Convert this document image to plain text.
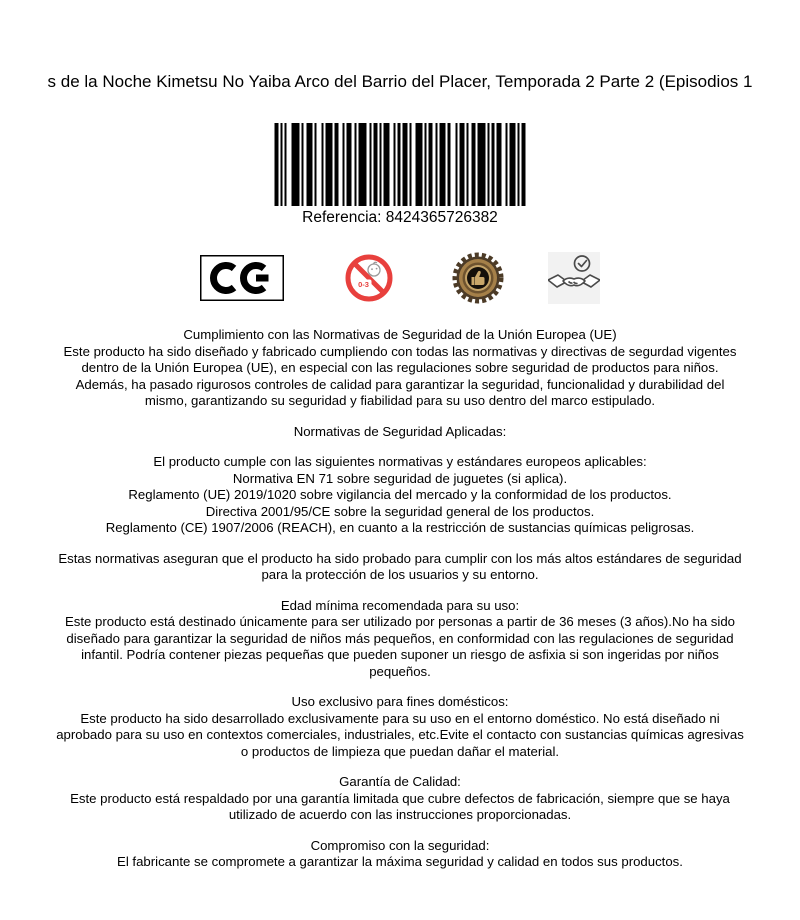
s de la Noche Kimetsu No Yaiba Arco del Barrio del Placer, Temporada 2 Parte 2 (Episodios 1
Referencia: 8424365726382
0-3
Cumplimiento con las Normativas de Seguridad de la Unión Europea (UE)
Este producto ha sido diseñado y fabricado cumpliendo con todas las normativas y directivas de segurdad vigentes dentro de la Unión Europea (UE), en especial con las regulaciones sobre seguridad de productos para niños. Además, ha pasado rigurosos controles de calidad para garantizar la seguridad, funcionalidad y durabilidad del mismo, garantizando su seguridad y fiabilidad para su uso dentro del marco estipulado.
Normativas de Seguridad Aplicadas:
El producto cumple con las siguientes normativas y estándares europeos aplicables:
Normativa EN 71 sobre seguridad de juguetes (si aplica).
Reglamento (UE) 2019/1020 sobre vigilancia del mercado y la conformidad de los productos.
Directiva 2001/95/CE sobre la seguridad general de los productos.
Reglamento (CE) 1907/2006 (REACH), en cuanto a la restricción de sustancias químicas peligrosas.
Estas normativas aseguran que el producto ha sido probado para cumplir con los más altos estándares de seguridad para la protección de los usuarios y su entorno.
Edad mínima recomendada para su uso:
Este producto está destinado únicamente para ser utilizado por personas a partir de 36 meses (3 años).No ha sido diseñado para garantizar la seguridad de niños más pequeños, en conformidad con las regulaciones de seguridad infantil. Podría contener piezas pequeñas que pueden suponer un riesgo de asfixia si son ingeridas por niños pequeños.
Uso exclusivo para fines domésticos:
Este producto ha sido desarrollado exclusivamente para su uso en el entorno doméstico. No está diseñado ni aprobado para su uso en contextos comerciales, industriales, etc.Evite el contacto con sustancias químicas agresivas o productos de limpieza que puedan dañar el material.
Garantía de Calidad:
Este producto está respaldado por una garantía limitada que cubre defectos de fabricación, siempre que se haya utilizado de acuerdo con las instrucciones proporcionadas.
Compromiso con la seguridad:
El fabricante se compromete a garantizar la máxima seguridad y calidad en todos sus productos.
